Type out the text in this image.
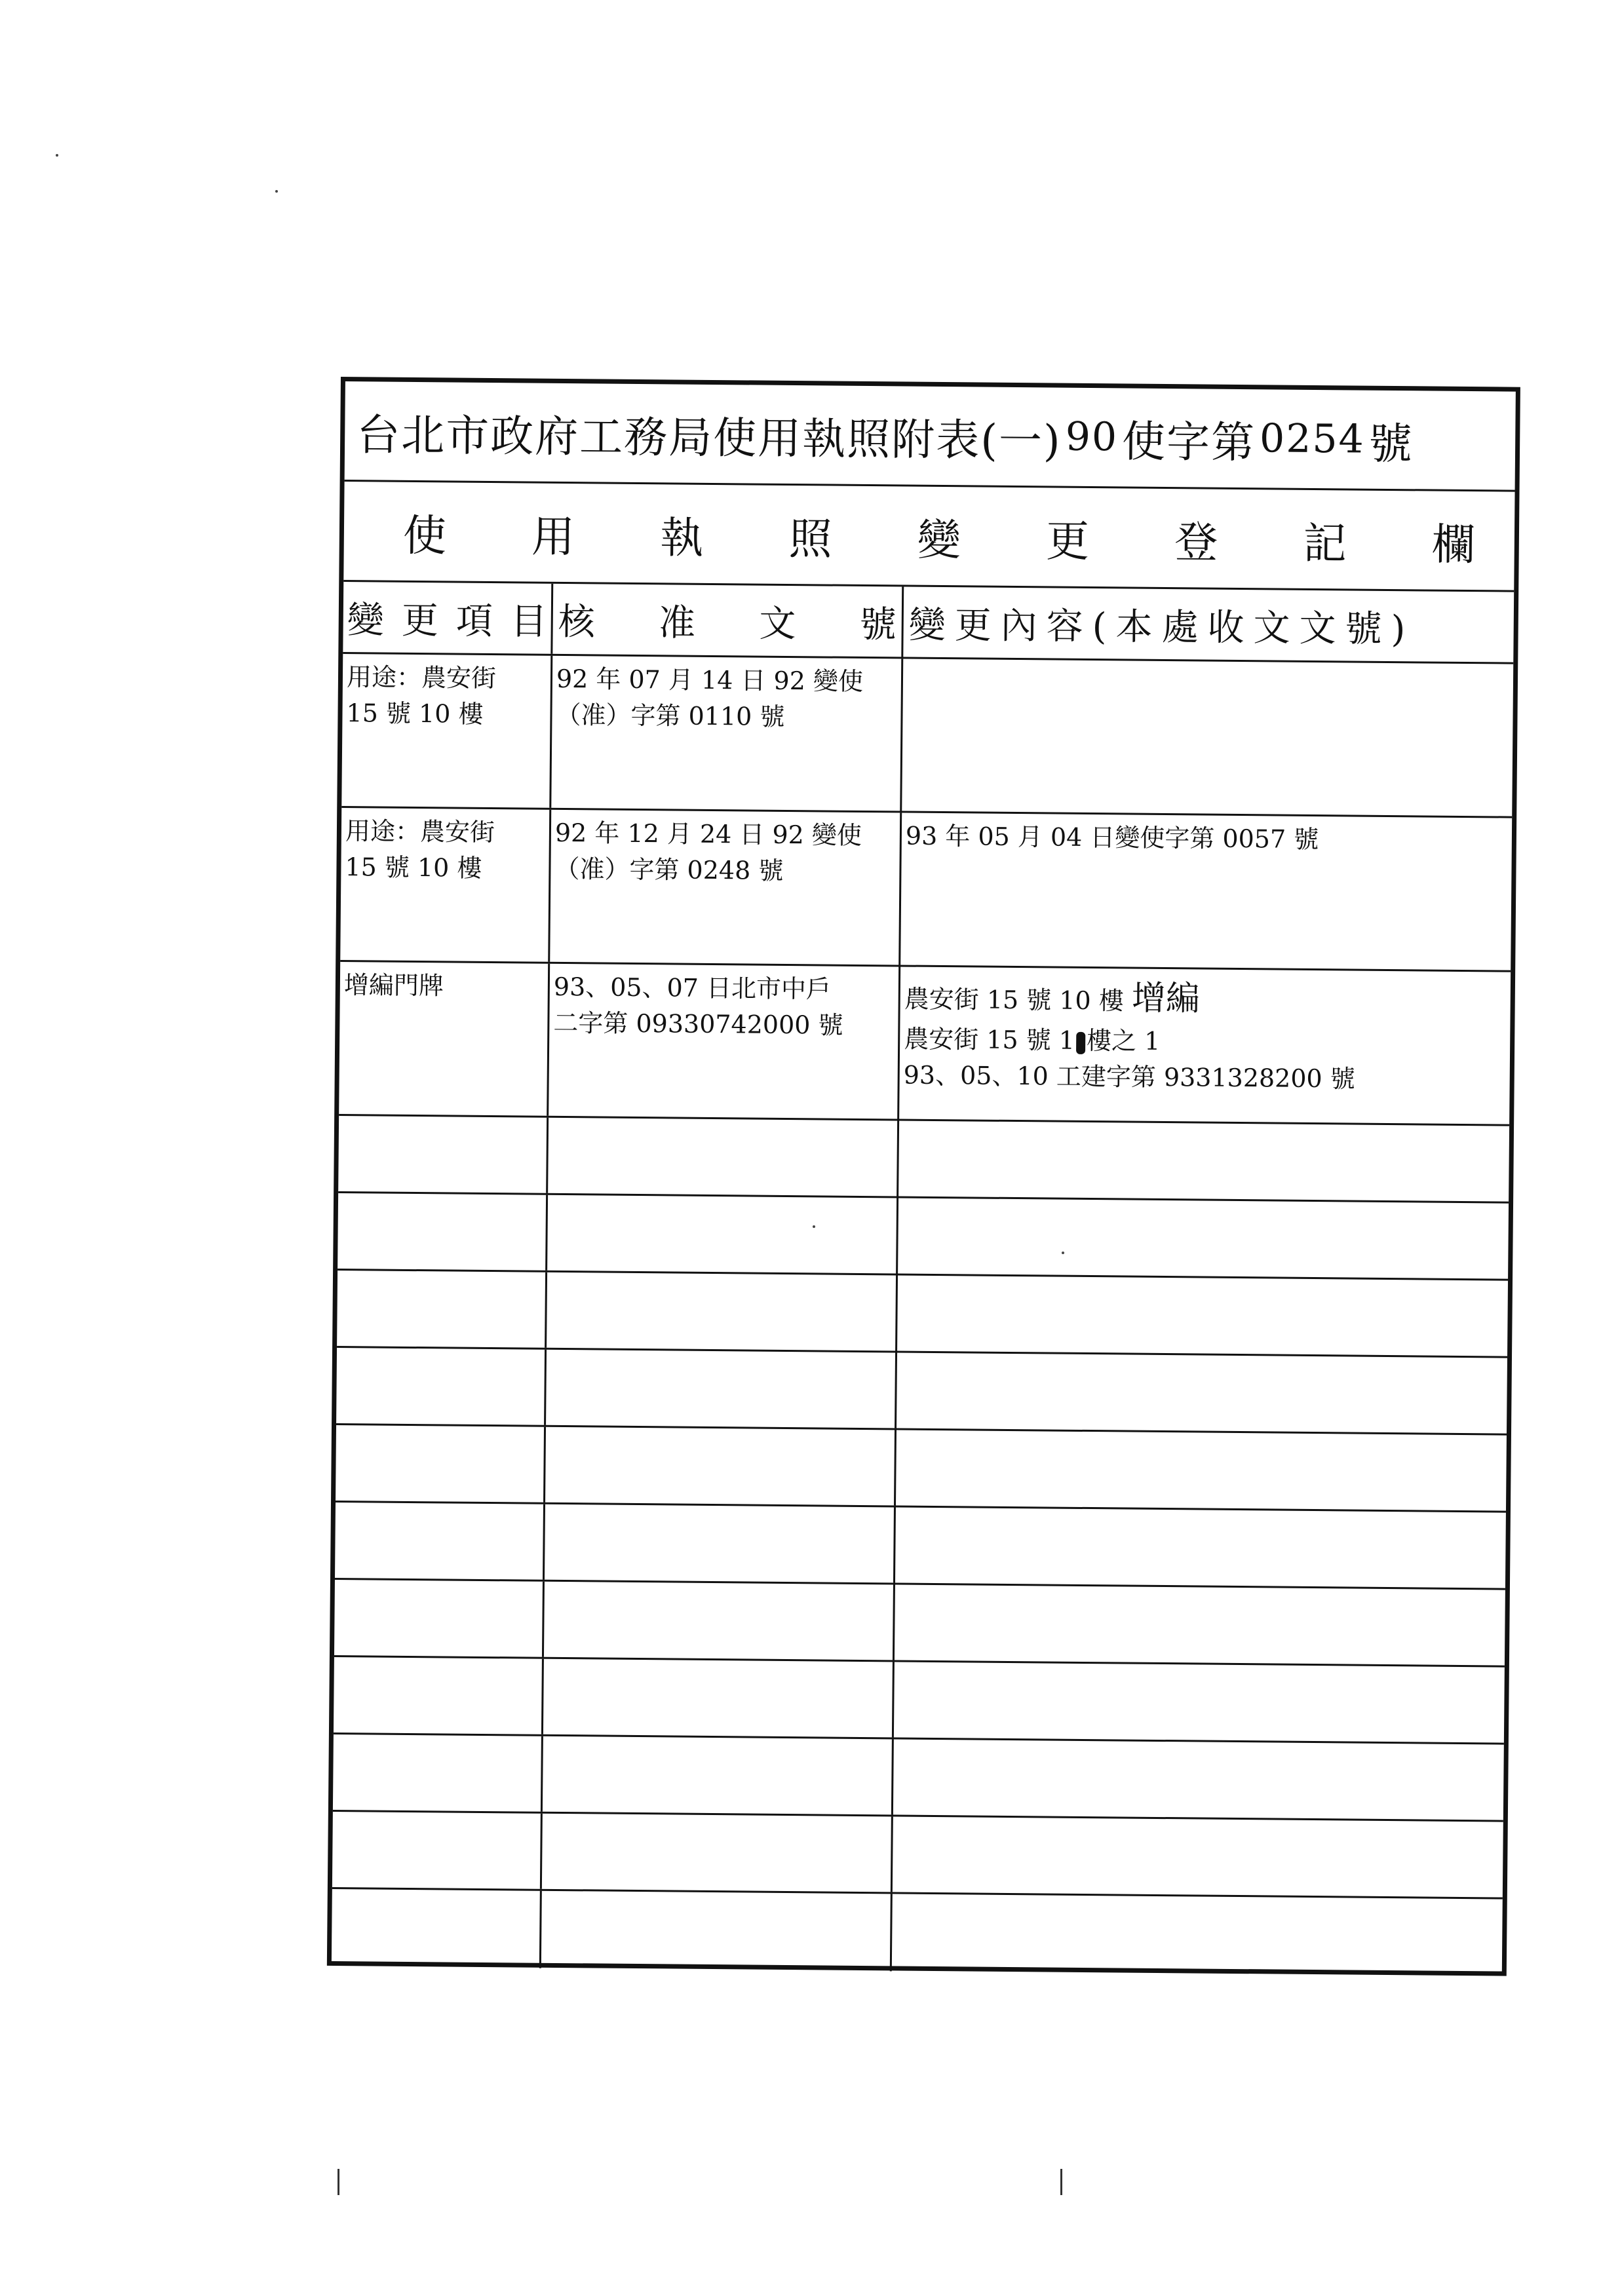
台北市政府工務局使用執照附表(一) 90 使字第 0254 號
使 用 執 照 變 更 登 記 欄
變 更 項 目 核 准 文 號 變更內容(本處收文文號)
用途：農安街
15 號 10 樓
92 年 07 月 14 日 92 變使
（准）字第 0110 號
用途：農安街
15 號 10 樓
92 年 12 月 24 日 92 變使
（准）字第 0248 號
93 年 05 月 04 日變使字第 0057 號
增編門牌	93、05、07 日北市中戶
二字第 09330742000 號
農安街 15 號 10 樓 增編
農安街 15 號 1 樓之 1
93、05、10 工建字第 9331328200 號
